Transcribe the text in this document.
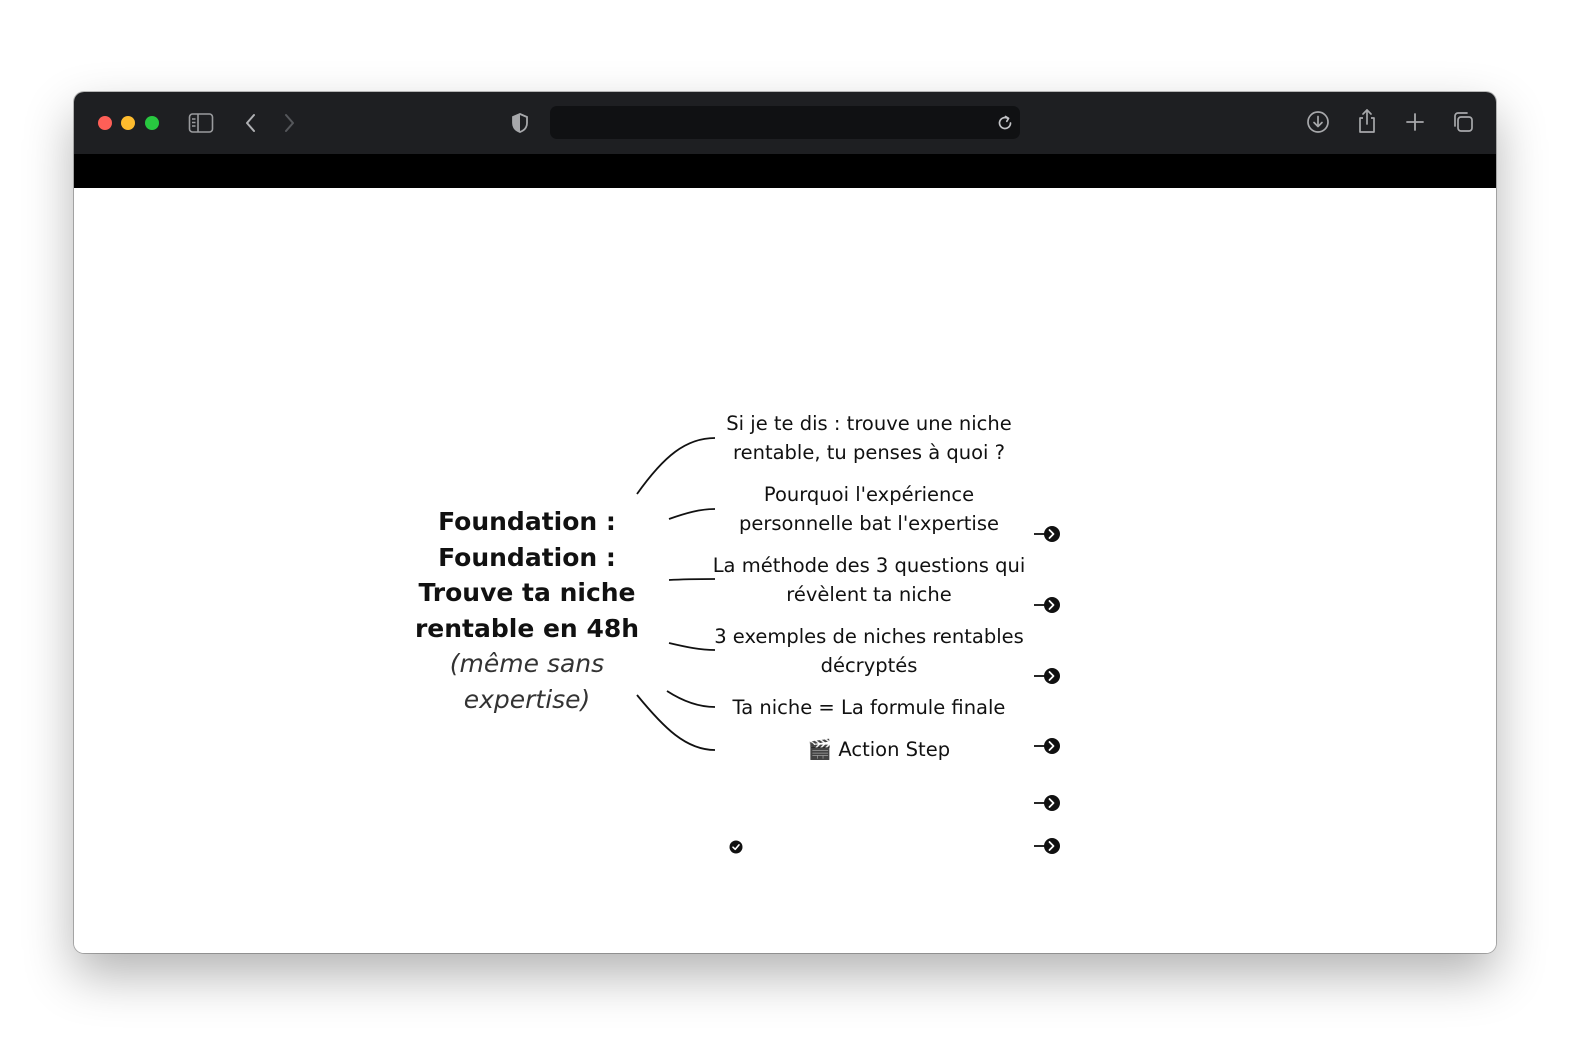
Foundation :
Foundation : Trouve ta niche rentable en 48h (même sans expertise)
Si je te dis : trouve une niche rentable, tu penses à quoi ?
Pourquoi l'expérience personnelle bat l'expertise
La méthode des 3 questions qui révèlent ta niche
3 exemples de niches rentables décryptés
Ta niche = La formule finale
🎬 Action Step
